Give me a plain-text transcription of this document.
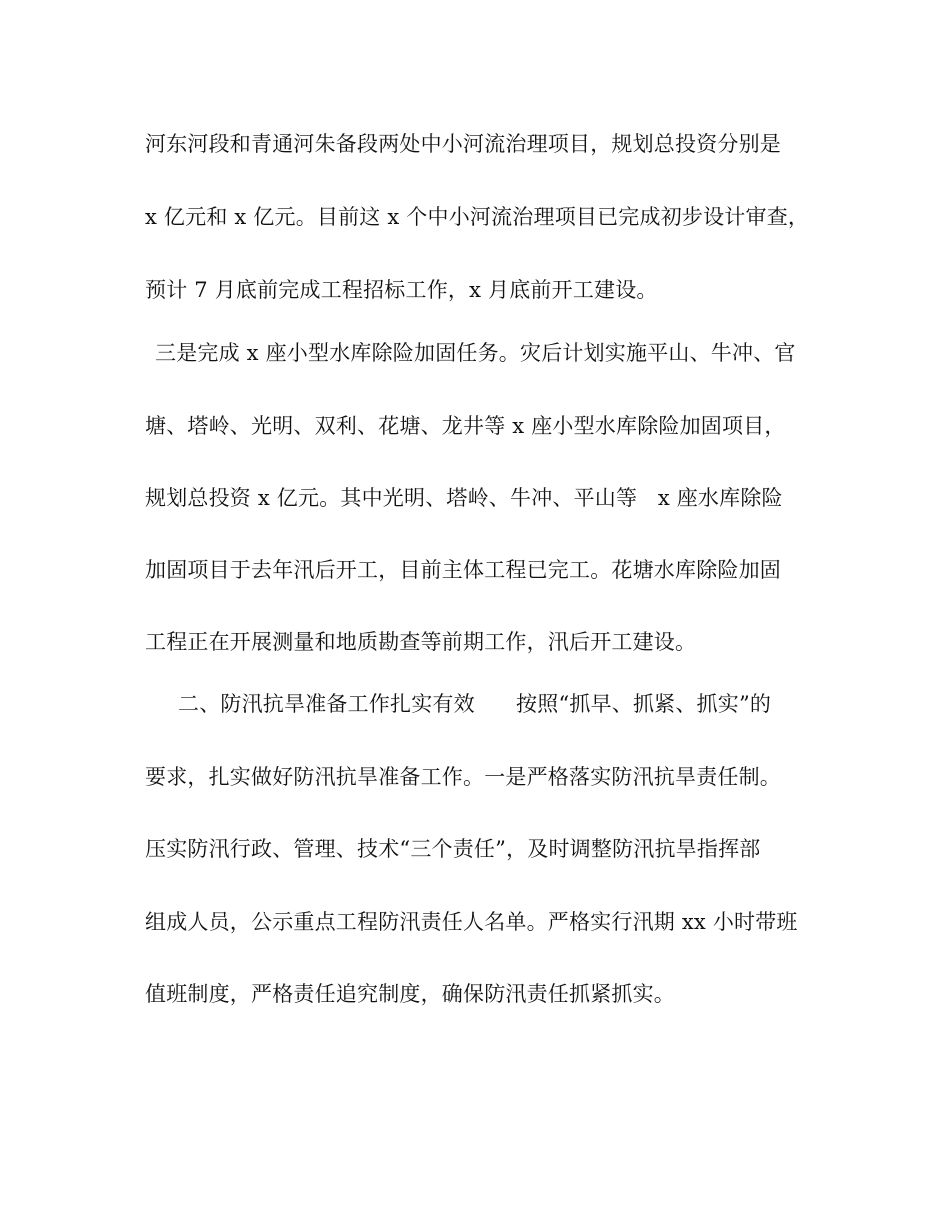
河东河段和青通河朱备段两处中小河流治理项目，规划总投资分别是
x 亿元和 x 亿元。目前这 x 个中小河流治理项目已完成初步设计审查，
预计 7 月底前完成工程招标工作，x 月底前开工建设。
三是完成 x 座小型水库除险加固任务。灾后计划实施平山、牛冲、官
塘、塔岭、光明、双利、花塘、龙井等 x 座小型水库除险加固项目，
规划总投资 x 亿元。其中光明、塔岭、牛冲、平山等   x 座水库除险
加固项目于去年汛后开工，目前主体工程已完工。花塘水库除险加固
工程正在开展测量和地质勘查等前期工作，汛后开工建设。
二、防汛抗旱准备工作扎实有效      按照“抓早、抓紧、抓实”的
要求，扎实做好防汛抗旱准备工作。一是严格落实防汛抗旱责任制。
压实防汛行政、管理、技术“三个责任”，及时调整防汛抗旱指挥部
组成人员，公示重点工程防汛责任人名单。严格实行汛期 xx 小时带班
值班制度，严格责任追究制度，确保防汛责任抓紧抓实。
